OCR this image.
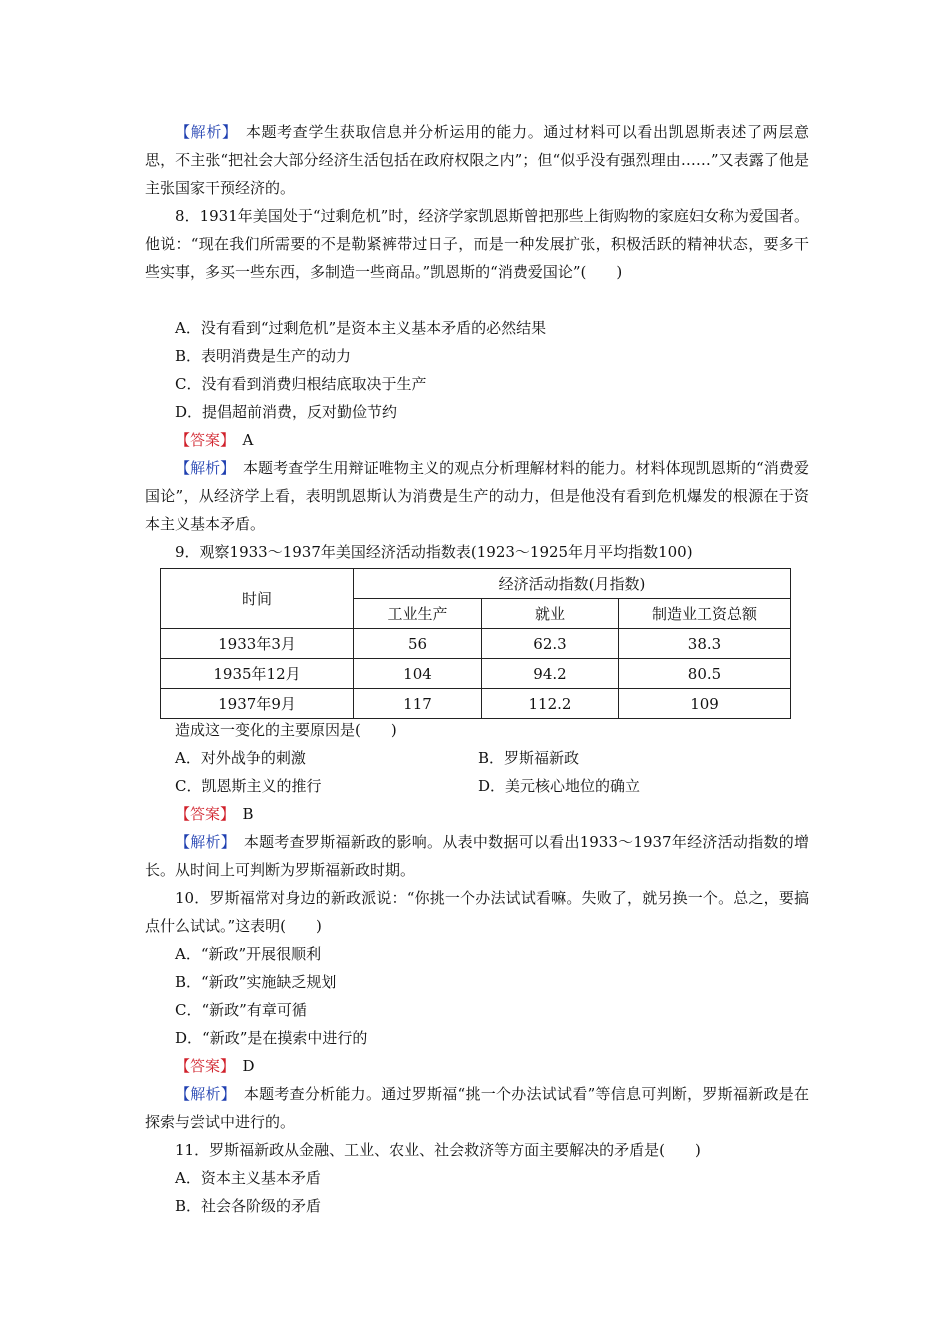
【解析】　 本题考查学生获取信息并分析运用的能力。通过材料可以看出凯恩斯表述了两层意思，不主张“把社会大部分经济生活包括在政府权限之内”；但“似乎没有强烈理由……”又表露了他是主张国家干预经济的。
8．1931年美国处于“过剩危机”时，经济学家凯恩斯曾把那些上街购物的家庭妇女称为爱国者。他说：“现在我们所需要的不是勒紧裤带过日子，而是一种发展扩张，积极活跃的精神状态，要多干些实事，多买一些东西，多制造一些商品。”凯恩斯的“消费爱国论”(　　)
A．没有看到“过剩危机”是资本主义基本矛盾的必然结果
B．表明消费是生产的动力
C．没有看到消费归根结底取决于生产
D．提倡超前消费，反对勤俭节约
【答案】　 A
【解析】　 本题考查学生用辩证唯物主义的观点分析理解材料的能力。材料体现凯恩斯的“消费爱国论”，从经济学上看，表明凯恩斯认为消费是生产的动力，但是他没有看到危机爆发的根源在于资本主义基本矛盾。
9．观察1933～1937年美国经济活动指数表(1923～1925年月平均指数100)
时间	经济活动指数(月指数)		
	工业生产	就业	制造业工资总额
1933年3月	56	62.3	38.3
1935年12月	104	94.2	80.5
1937年9月	117	112.2	109
造成这一变化的主要原因是(　　)
A．对外战争的刺激	B．罗斯福新政
C．凯恩斯主义的推行	D．美元核心地位的确立
【答案】　 B
【解析】　 本题考查罗斯福新政的影响。从表中数据可以看出1933～1937年经济活动指数的增长。从时间上可判断为罗斯福新政时期。
10．罗斯福常对身边的新政派说：“你挑一个办法试试看嘛。失败了，就另换一个。总之，要搞点什么试试。”这表明(　　)
A．“新政”开展很顺利
B．“新政”实施缺乏规划
C．“新政”有章可循
D．“新政”是在摸索中进行的
【答案】　 D
【解析】　 本题考查分析能力。通过罗斯福“挑一个办法试试看”等信息可判断，罗斯福新政是在探索与尝试中进行的。
11．罗斯福新政从金融、工业、农业、社会救济等方面主要解决的矛盾是(　　)
A．资本主义基本矛盾
B．社会各阶级的矛盾
